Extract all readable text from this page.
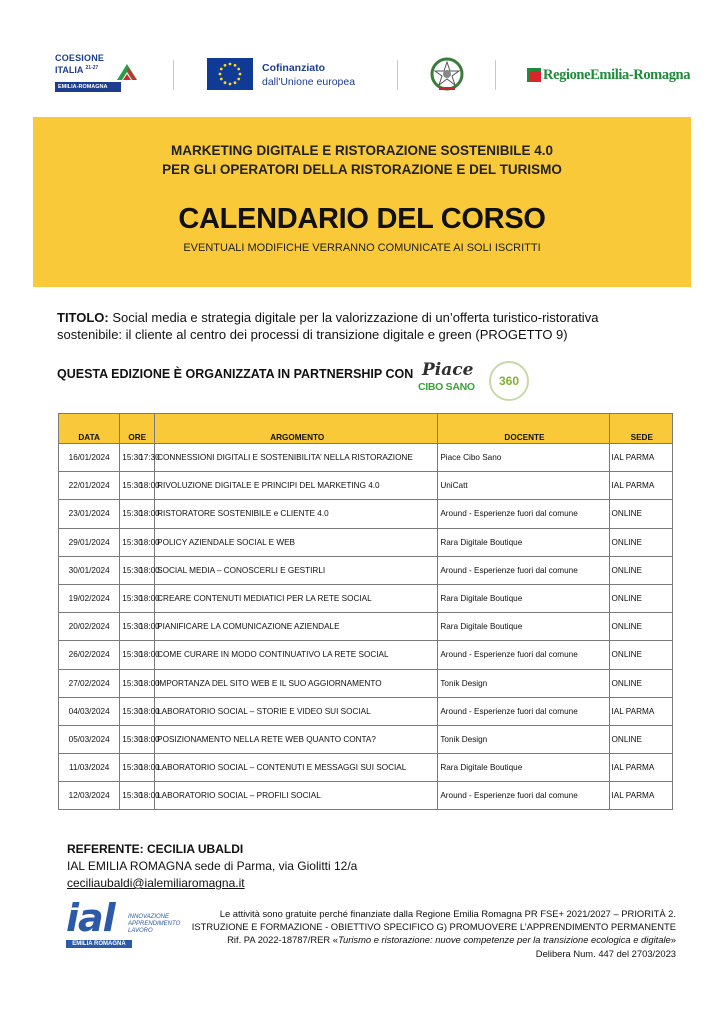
COESIONE
ITALIA $^{21-27}$
EMILIA-ROMAGNA
Cofinanziato
dall'Unione europea	RegioneEmilia-Romagna
MARKETING DIGITALE E RISTORAZIONE SOSTENIBILE 4.0
PER GLI OPERATORI DELLA RISTORAZIONE E DEL TURISMO
CALENDARIO DEL CORSO
EVENTUALI MODIFICHE VERRANNO COMUNICATE AI SOLI ISCRITTI
TITOLO: Social media e strategia digitale per la valorizzazione di un’offerta turistico-ristorativa sostenibile: il cliente al centro dei processi di transizione digitale e green (PROGETTO 9)
QUESTA EDIZIONE È ORGANIZZATA IN PARTNERSHIP CON Piace
CIBO SANO	360
DATA	ORE		ARGOMENTO	DOCENTE	SEDE
16/01/2024	15:30	17:30	CONNESSIONI DIGITALI E SOSTENIBILITA’ NELLA RISTORAZIONE	Piace Cibo Sano	IAL PARMA
22/01/2024	15:30	18:00	RIVOLUZIONE DIGITALE E PRINCIPI DEL MARKETING 4.0	UniCatt	IAL PARMA
23/01/2024	15:30	18:00	RISTORATORE SOSTENIBILE e CLIENTE 4.0	Around - Esperienze fuori dal comune	ONLINE
29/01/2024	15:30	18:00	POLICY AZIENDALE SOCIAL E WEB	Rara Digitale Boutique	ONLINE
30/01/2024	15:30	18:00	SOCIAL MEDIA – CONOSCERLI E GESTIRLI	Around - Esperienze fuori dal comune	ONLINE
19/02/2024	15:30	18:00	CREARE CONTENUTI MEDIATICI PER LA RETE SOCIAL	Rara Digitale Boutique	ONLINE
20/02/2024	15:30	18:00	PIANIFICARE LA COMUNICAZIONE AZIENDALE	Rara Digitale Boutique	ONLINE
26/02/2024	15:30	18:00	COME CURARE IN MODO CONTINUATIVO LA RETE SOCIAL	Around - Esperienze fuori dal comune	ONLINE
27/02/2024	15:30	18:00	IMPORTANZA DEL SITO WEB E IL SUO AGGIORNAMENTO	Tonik Design	ONLINE
04/03/2024	15:30	18:00	LABORATORIO SOCIAL – STORIE E VIDEO SUI SOCIAL	Around - Esperienze fuori dal comune	IAL PARMA
05/03/2024	15:30	18:00	POSIZIONAMENTO NELLA RETE WEB QUANTO CONTA?	Tonik Design	ONLINE
11/03/2024	15:30	18:00	LABORATORIO SOCIAL – CONTENUTI E MESSAGGI SUI SOCIAL	Rara Digitale Boutique	IAL PARMA
12/03/2024	15:30	18:00	LABORATORIO SOCIAL – PROFILI SOCIAL	Around - Esperienze fuori dal comune	IAL PARMA
REFERENTE: CECILIA UBALDI
IAL EMILIA ROMAGNA sede di Parma, via Giolitti 12/a
ceciliaubaldi@ialemiliaromagna.it
ial INNOVAZIONE
APPRENDIMENTO
LAVORO
EMILIA ROMAGNA
Le attività sono gratuite perché finanziate dalla Regione Emilia Romagna PR FSE+ 2021/2027 – PRIORITÀ 2.
ISTRUZIONE E FORMAZIONE - OBIETTIVO SPECIFICO G) PROMUOVERE L’APPRENDIMENTO PERMANENTE
Rif. PA 2022-18787/RER «Turismo e ristorazione: nuove competenze per la transizione ecologica e digitale»
Delibera Num. 447 del 2703/2023
